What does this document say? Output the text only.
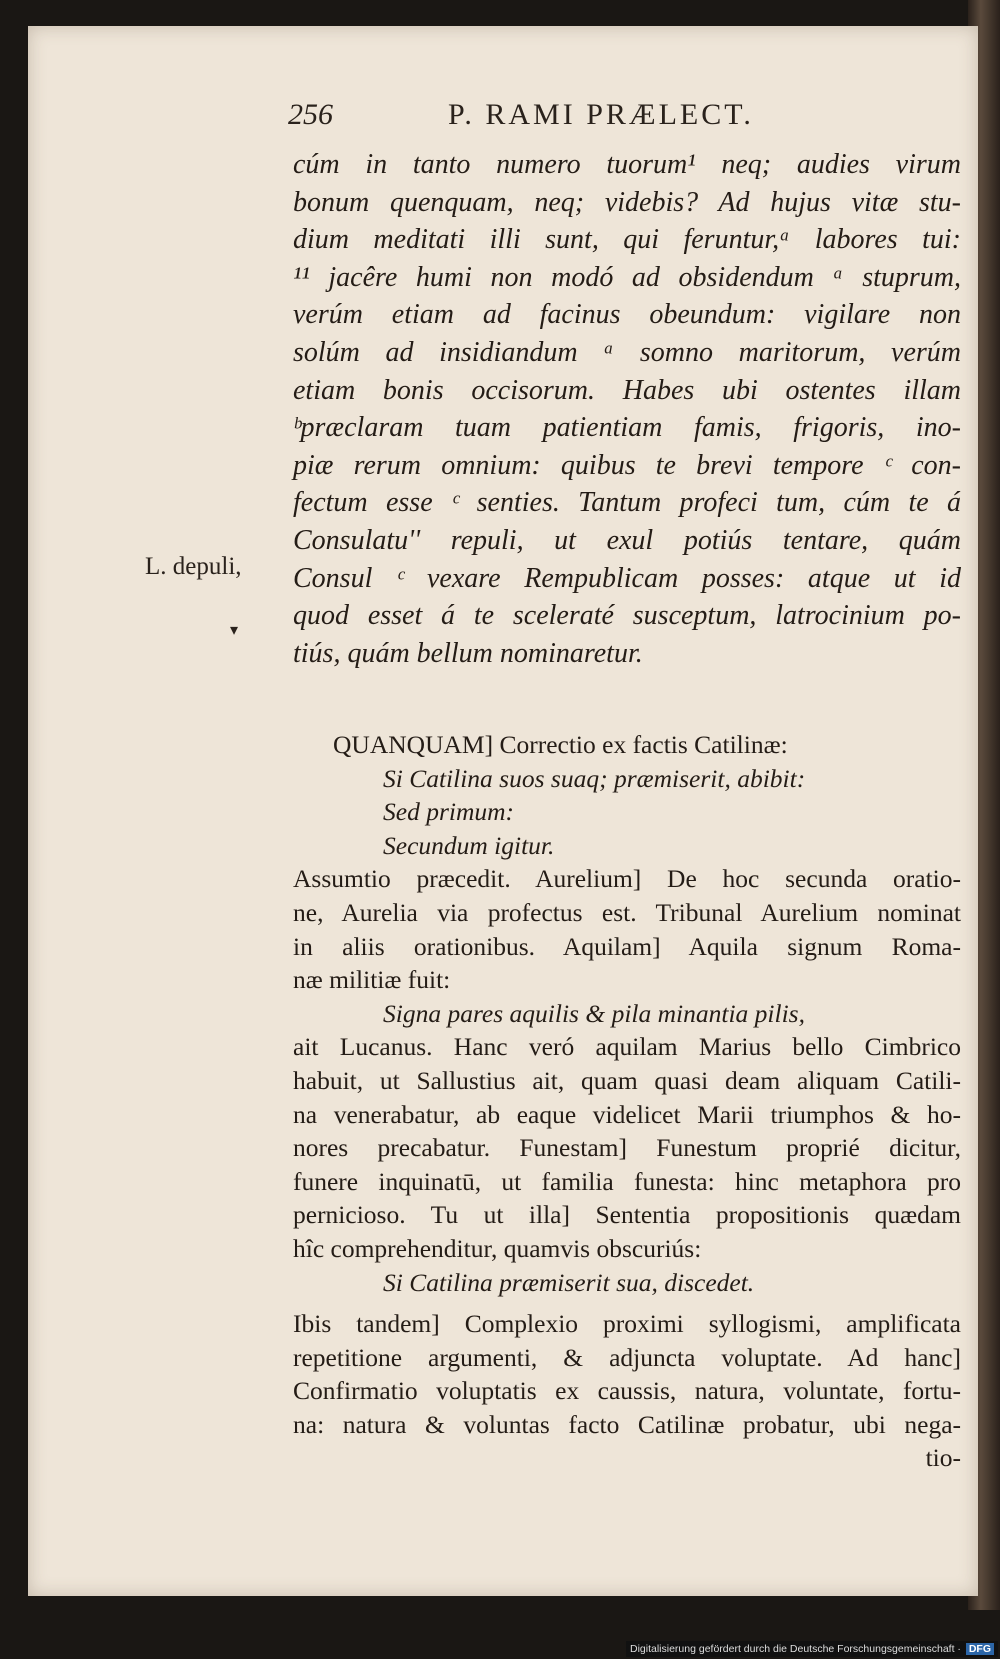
256	P. RAMI PRÆLECT.
L. depuli,
▾
cúm in tanto numero tuorum¹ neq; audies virum
bonum quenquam, neq; videbis? Ad hujus vitæ stu-
dium meditati illi sunt, qui feruntur,ᵃ labores tui:
¹¹ jacêre humi non modó ad obsidendum ᵃ stuprum,
verúm etiam ad facinus obeundum: vigilare non
solúm ad insidiandum ᵃ somno maritorum, verúm
etiam bonis occisorum. Habes ubi ostentes illam
ᵇpræclaram tuam patientiam famis, frigoris, ino-
piæ rerum omnium: quibus te brevi tempore ᶜ con-
fectum esse ᶜ senties. Tantum profeci tum, cúm te á
Consulatu'' repuli, ut exul potiús tentare, quám
Consul ᶜ vexare Rempublicam posses: atque ut id
quod esset á te sceleraté susceptum, latrocinium po-
tiús, quám bellum nominaretur.
QUANQUAM] Correctio ex factis Catilinæ:
Si Catilina suos suaq; præmiserit, abibit:
Sed primum:
Secundum igitur.
Assumtio præcedit. Aurelium] De hoc secunda oratio-
ne, Aurelia via profectus est. Tribunal Aurelium nominat
in aliis orationibus. Aquilam] Aquila signum Roma-
næ militiæ fuit:
Signa pares aquilis & pila minantia pilis,
ait Lucanus. Hanc veró aquilam Marius bello Cimbrico
habuit, ut Sallustius ait, quam quasi deam aliquam Catili-
na venerabatur, ab eaque videlicet Marii triumphos & ho-
nores precabatur. Funestam] Funestum proprié dicitur,
funere inquinatū, ut familia funesta: hinc metaphora pro
pernicioso. Tu ut illa] Sententia propositionis quædam
hîc comprehenditur, quamvis obscuriús:
Si Catilina præmiserit sua, discedet.
Ibis tandem] Complexio proximi syllogismi, amplificata
repetitione argumenti, & adjuncta voluptate. Ad hanc]
Confirmatio voluptatis ex caussis, natura, voluntate, fortu-
na: natura & voluntas facto Catilinæ probatur, ubi nega-
tio-
Digitalisierung gefördert durch die Deutsche Forschungsgemeinschaft · DFG
